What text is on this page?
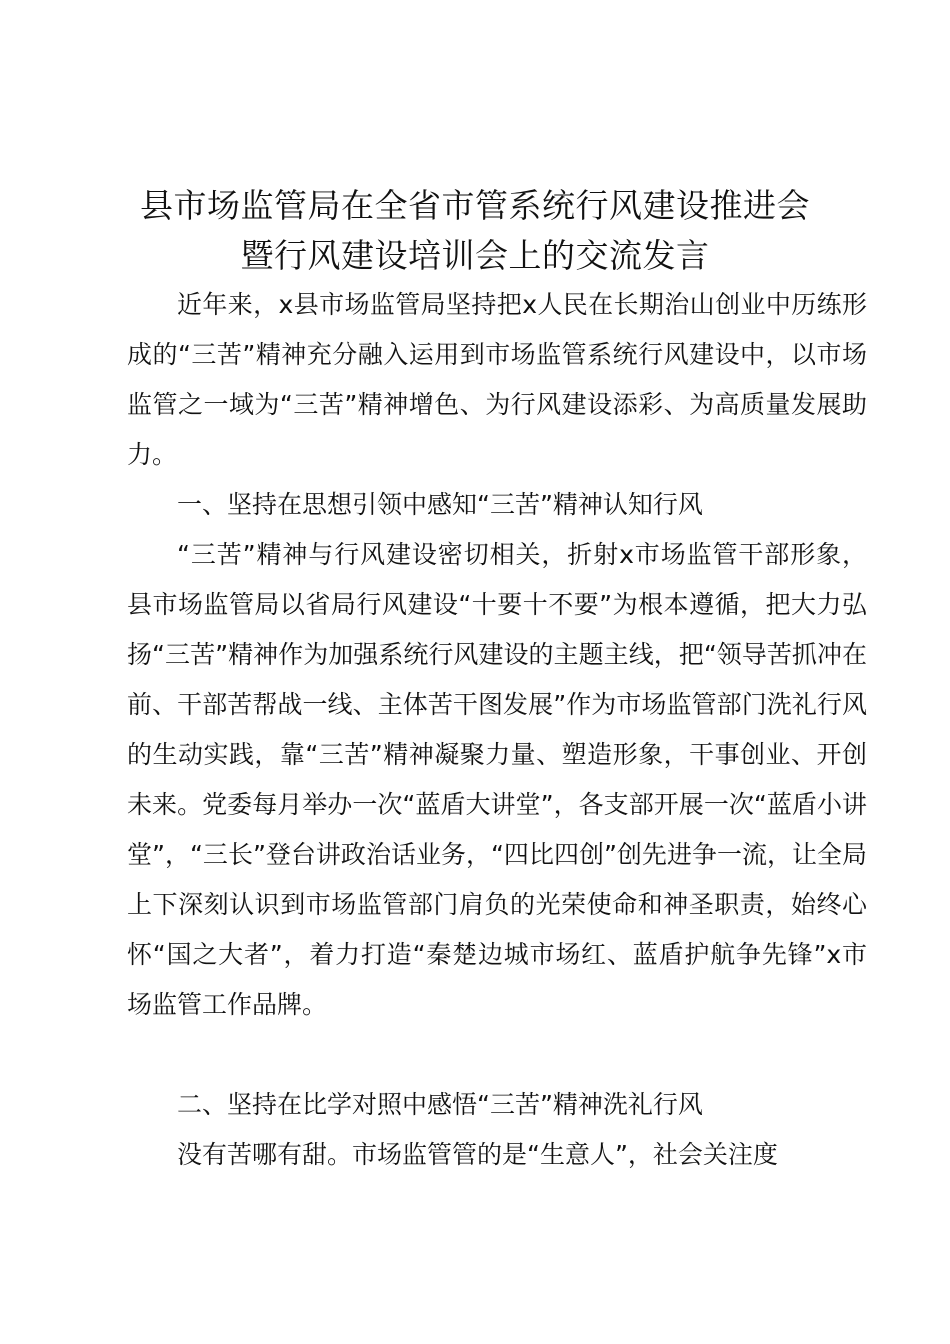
县市场监管局在全省市管系统行风建设推进会
暨行风建设培训会上的交流发言

近年来，x县市场监管局坚持把x人民在长期治山创业中历练形成的“三苦”精神充分融入运用到市场监管系统行风建设中，以市场监管之一域为“三苦”精神增色、为行风建设添彩、为高质量发展助力。

一、坚持在思想引领中感知“三苦”精神认知行风

“三苦”精神与行风建设密切相关，折射x市场监管干部形象，县市场监管局以省局行风建设“十要十不要”为根本遵循，把大力弘扬“三苦”精神作为加强系统行风建设的主题主线，把“领导苦抓冲在前、干部苦帮战一线、主体苦干图发展”作为市场监管部门洗礼行风的生动实践，靠“三苦”精神凝聚力量、塑造形象，干事创业、开创未来。党委每月举办一次“蓝盾大讲堂”，各支部开展一次“蓝盾小讲堂”，“三长”登台讲政治话业务，“四比四创”创先进争一流，让全局上下深刻认识到市场监管部门肩负的光荣使命和神圣职责，始终心怀“国之大者”，着力打造“秦楚边城市场红、蓝盾护航争先锋”x市场监管工作品牌。

二、坚持在比学对照中感悟“三苦”精神洗礼行风

没有苦哪有甜。市场监管管的是“生意人”，社会关注度
